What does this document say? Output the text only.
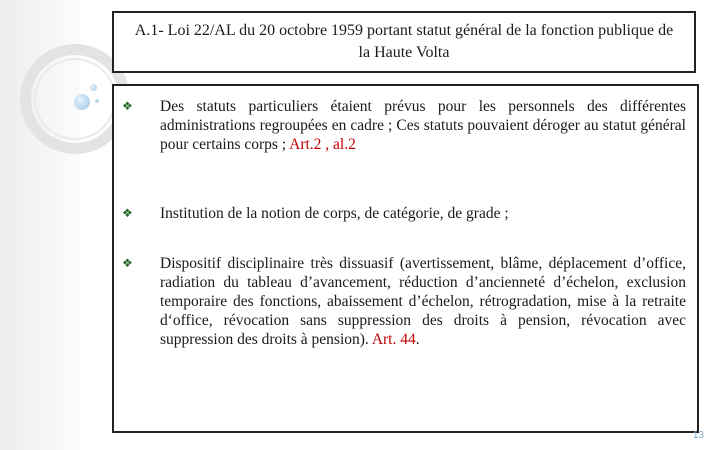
A.1- Loi 22/AL du 20 octobre 1959 portant statut général de la fonction publique de la Haute Volta
❖	Des statuts particuliers étaient prévus pour les personnels des différentes administrations regroupées en cadre ; Ces statuts pouvaient déroger au statut général pour certains corps ; Art.2 , al.2
❖	Institution de la notion de corps, de catégorie, de grade ;
❖	Dispositif disciplinaire très dissuasif (avertissement, blâme, déplacement d’office, radiation du tableau d’avancement, réduction d’ancienneté d’échelon, exclusion temporaire des fonctions, abaissement d’échelon, rétrogradation, mise à la retraite d‘office, révocation sans suppression des droits à pension, révocation avec suppression des droits à pension). Art. 44.
13
